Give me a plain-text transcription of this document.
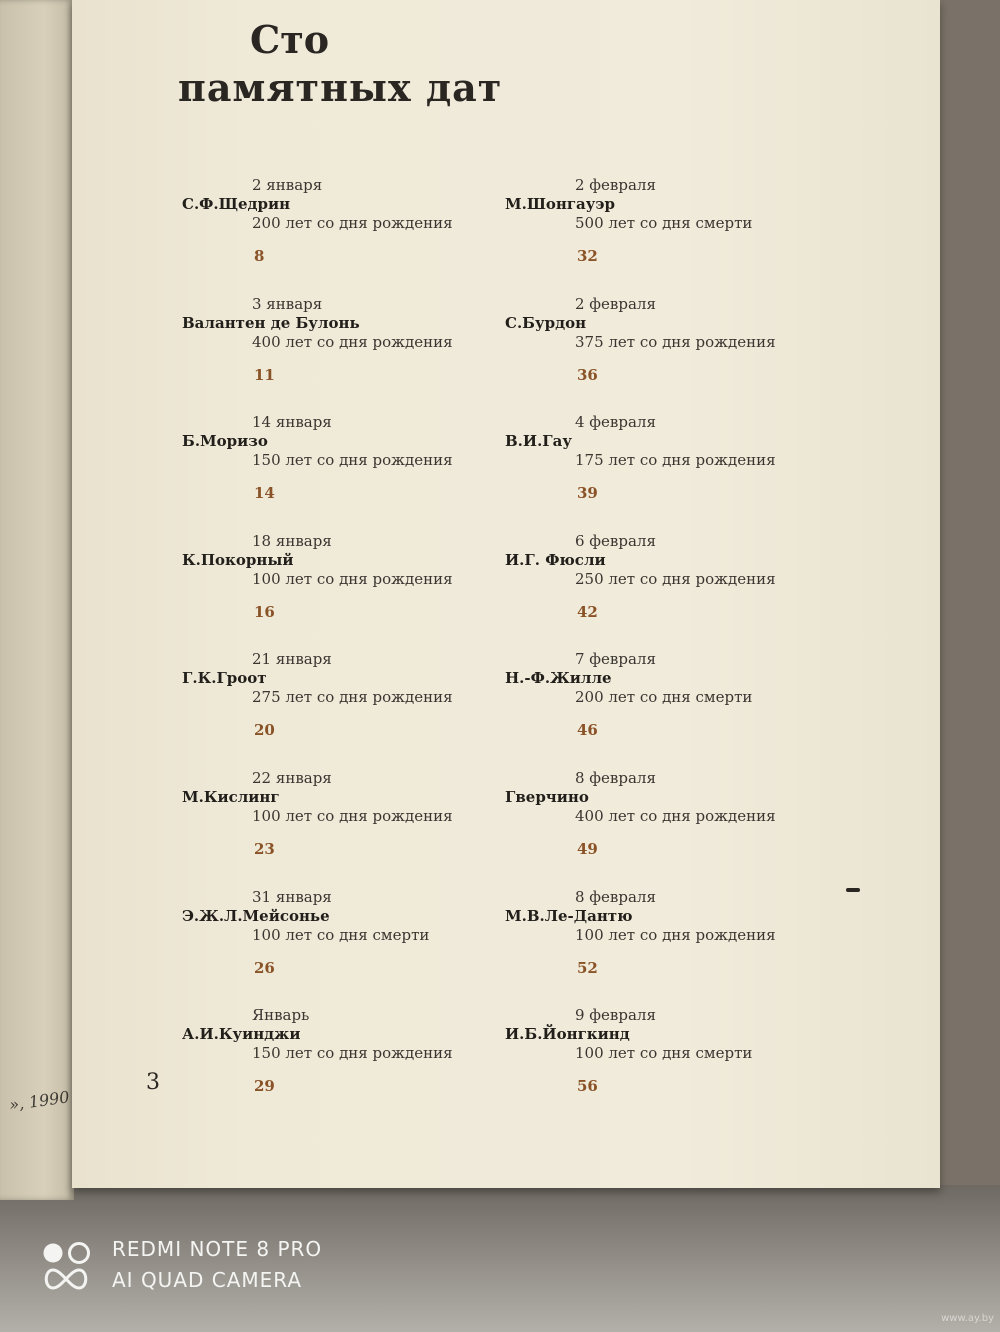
», 1990
Сто
памятных дат
2 января
С.Ф.Щедрин
200 лет со дня рождения
8
3 января
Валантен де Булонь
400 лет со дня рождения
11
14 января
Б.Моризо
150 лет со дня рождения
14
18 января
К.Покорный
100 лет со дня рождения
16
21 января
Г.К.Гроот
275 лет со дня рождения
20
22 января
М.Кислинг
100 лет со дня рождения
23
31 января
Э.Ж.Л.Мейсонье
100 лет со дня смерти
26
Январь
А.И.Куинджи
150 лет со дня рождения
29
2 февраля
М.Шонгауэр
500 лет со дня смерти
32
2 февраля
С.Бурдон
375 лет со дня рождения
36
4 февраля
В.И.Гау
175 лет со дня рождения
39
6 февраля
И.Г. Фюсли
250 лет со дня рождения
42
7 февраля
Н.-Ф.Жилле
200 лет со дня смерти
46
8 февраля
Гверчино
400 лет со дня рождения
49
8 февраля
М.В.Ле-Дантю
100 лет со дня рождения
52
9 февраля
И.Б.Йонгкинд
100 лет со дня смерти
56
3
REDMI NOTE 8 PRO
AI QUAD CAMERA
www.ay.by
